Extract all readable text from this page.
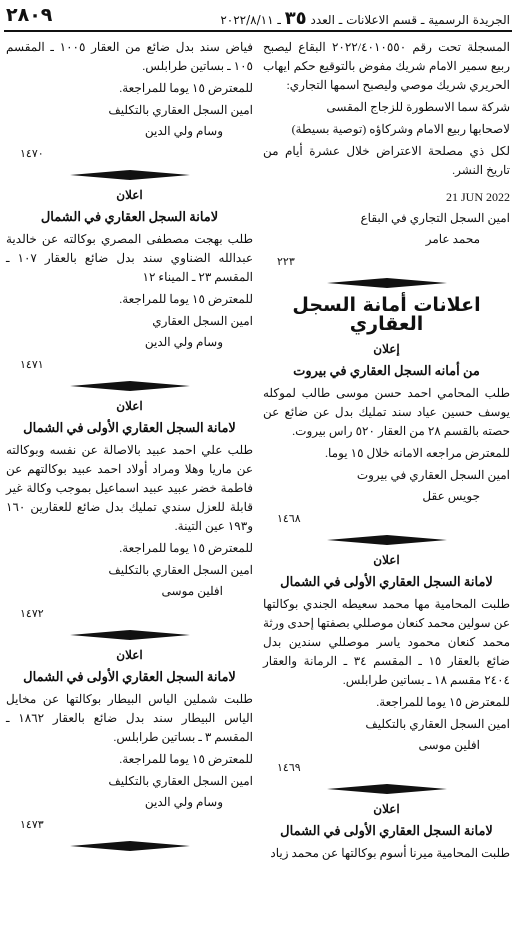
٢٨٠٩	الجريدة الرسمية ـ قسم الاعلانات ـ العدد ٣٥ ـ ٢٠٢٢/٨/١١

المسجلة تحت رقم ٢٠٢٢/٤٠١٠٥٥٠ البقاع ليصبح ربيع سمير الامام شريك مفوض بالتوقيع حكم ايهاب الحريري شريك موصي وليصبح اسمها التجاري:

شركة سما الاسطورة للزجاج المقسى

لاصحابها ربيع الامام وشركاؤه (توصية بسيطة)

لكل ذي مصلحة الاعتراض خلال عشرة أيام من تاريخ النشر.

21 JUN 2022
امين السجل التجاري في البقاع
محمد عامر
٢٢٣
اعلانات أمانة السجل العقاري
إعلان
من أمانه السجل العقاري في بيروت

طلب المحامي احمد حسن موسى طالب لموكله يوسف حسين عياد سند تمليك بدل عن ضائع عن حصته بالقسم ٢٨ من العقار ٥٢٠ راس بيروت.

للمعترض مراجعه الامانه خلال ١٥ يوما.

امين السجل العقاري في بيروت
جويس عقل
١٤٦٨
اعلان
لامانة السجل العقاري الأولى في الشمال

طلبت المحامية مها محمد سعيطه الجندي بوكالتها عن سولين محمد كنعان موصللي بصفتها إحدى ورثة محمد كنعان محمود ياسر موصللي سندين بدل ضائع بالعقار ١٥ ـ المقسم ٣٤ ـ الرمانة والعقار ٢٤٠٤ مقسم ١٨ ـ بساتين طرابلس.

للمعترض ١٥ يوما للمراجعة.

امين السجل العقاري بالتكليف
افلين موسى
١٤٦٩
اعلان
لامانة السجل العقاري الأولى في الشمال

طلبت المحامية ميرنا أسوم بوكالتها عن محمد زياد

فياض سند بدل ضائع من العقار ١٠٠٥ ـ المقسم ١٠٥ ـ بساتين طرابلس.

للمعترض ١٥ يوما للمراجعة.

امين السجل العقاري بالتكليف
وسام ولي الدين
١٤٧٠
اعلان
لامانة السجل العقاري في الشمال

طلب بهجت مصطفى المصري بوكالته عن خالدية عبدالله الضناوي سند بدل ضائع بالعقار ١٠٧ ـ المقسم ٢٣ ـ الميناء ١٢

للمعترض ١٥ يوما للمراجعة.

امين السجل العقاري
وسام ولي الدين
١٤٧١
اعلان
لامانة السجل العقاري الأولى في الشمال

طلب علي احمد عبيد بالاصالة عن نفسه وبوكالته عن ماريا وهلا ومراد أولاد احمد عبيد بوكالتهم عن فاطمة خضر عبيد عبيد اسماعيل بموجب وكالة غير قابلة للعزل سندي تمليك بدل ضائع للعقارين ١٦٠ و١٩٣ عين التينة.

للمعترض ١٥ يوما للمراجعة.

امين السجل العقاري بالتكليف
افلين موسى
١٤٧٢
اعلان
لامانة السجل العقاري الأولى في الشمال

طلبت شملين الياس البيطار بوكالتها عن مخايل الياس البيطار سند بدل ضائع بالعقار ١٨٦٢ ـ المقسم ٣ ـ بساتين طرابلس.

للمعترض ١٥ يوما للمراجعة.

امين السجل العقاري بالتكليف
وسام ولي الدين
١٤٧٣
